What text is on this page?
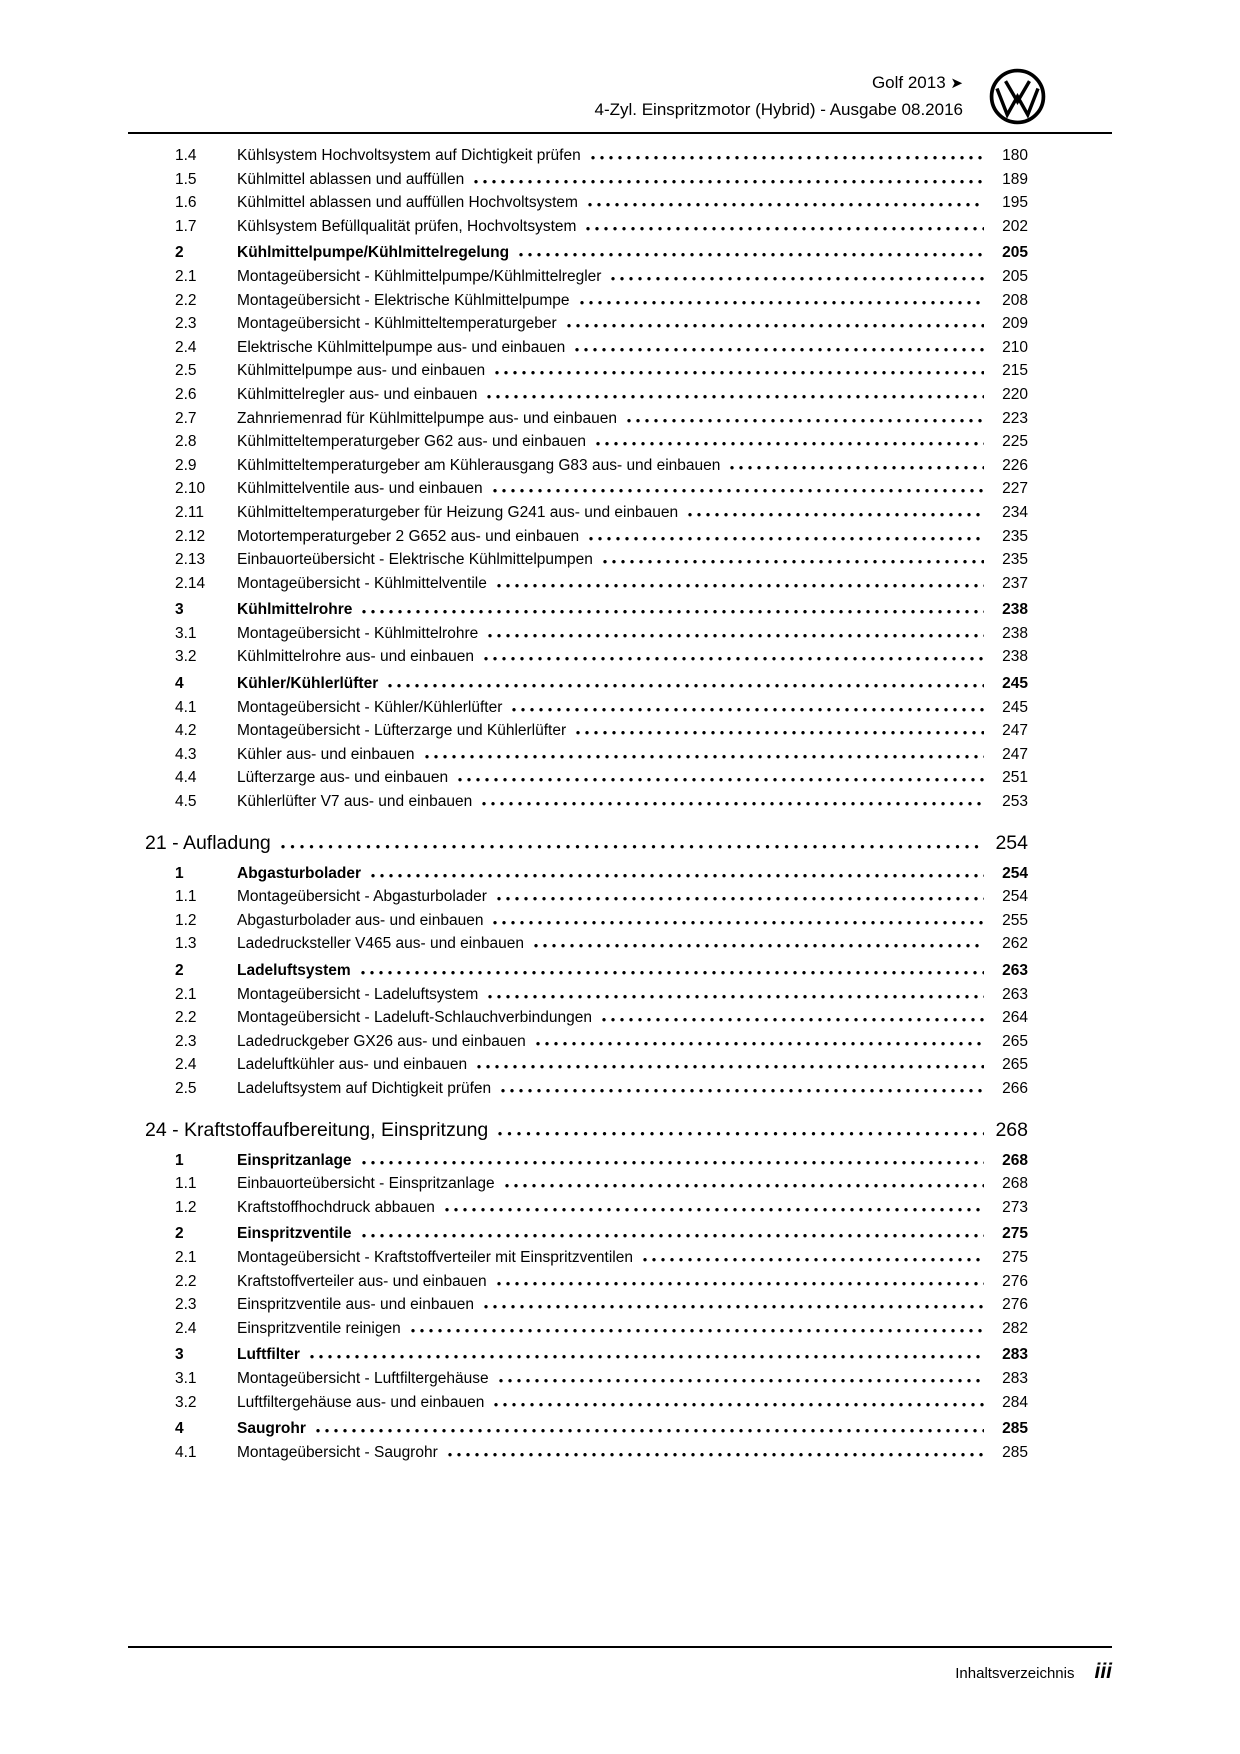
Golf 2013 ➤
4-Zyl. Einspritzmotor (Hybrid) - Ausgabe 08.2016
1.4	Kühlsystem Hochvoltsystem auf Dichtigkeit prüfen	180
1.5	Kühlmittel ablassen und auffüllen	189
1.6	Kühlmittel ablassen und auffüllen Hochvoltsystem	195
1.7	Kühlsystem Befüllqualität prüfen, Hochvoltsystem	202
2	Kühlmittelpumpe/Kühlmittelregelung	205
2.1	Montageübersicht - Kühlmittelpumpe/Kühlmittelregler	205
2.2	Montageübersicht - Elektrische Kühlmittelpumpe	208
2.3	Montageübersicht - Kühlmitteltemperaturgeber	209
2.4	Elektrische Kühlmittelpumpe aus- und einbauen	210
2.5	Kühlmittelpumpe aus- und einbauen	215
2.6	Kühlmittelregler aus- und einbauen	220
2.7	Zahnriemenrad für Kühlmittelpumpe aus- und einbauen	223
2.8	Kühlmitteltemperaturgeber G62 aus- und einbauen	225
2.9	Kühlmitteltemperaturgeber am Kühlerausgang G83 aus- und einbauen	226
2.10	Kühlmittelventile aus- und einbauen	227
2.11	Kühlmitteltemperaturgeber für Heizung G241 aus- und einbauen	234
2.12	Motortemperaturgeber 2 G652 aus- und einbauen	235
2.13	Einbauorteübersicht - Elektrische Kühlmittelpumpen	235
2.14	Montageübersicht - Kühlmittelventile	237
3	Kühlmittelrohre	238
3.1	Montageübersicht - Kühlmittelrohre	238
3.2	Kühlmittelrohre aus- und einbauen	238
4	Kühler/Kühlerlüfter	245
4.1	Montageübersicht - Kühler/Kühlerlüfter	245
4.2	Montageübersicht - Lüfterzarge und Kühlerlüfter	247
4.3	Kühler aus- und einbauen	247
4.4	Lüfterzarge aus- und einbauen	251
4.5	Kühlerlüfter V7 aus- und einbauen	253
21 - Aufladung	254
1	Abgasturbolader	254
1.1	Montageübersicht - Abgasturbolader	254
1.2	Abgasturbolader aus- und einbauen	255
1.3	Ladedrucksteller V465 aus- und einbauen	262
2	Ladeluftsystem	263
2.1	Montageübersicht - Ladeluftsystem	263
2.2	Montageübersicht - Ladeluft-Schlauchverbindungen	264
2.3	Ladedruckgeber GX26 aus- und einbauen	265
2.4	Ladeluftkühler aus- und einbauen	265
2.5	Ladeluftsystem auf Dichtigkeit prüfen	266
24 - Kraftstoffaufbereitung, Einspritzung	268
1	Einspritzanlage	268
1.1	Einbauorteübersicht - Einspritzanlage	268
1.2	Kraftstoffhochdruck abbauen	273
2	Einspritzventile	275
2.1	Montageübersicht - Kraftstoffverteiler mit Einspritzventilen	275
2.2	Kraftstoffverteiler aus- und einbauen	276
2.3	Einspritzventile aus- und einbauen	276
2.4	Einspritzventile reinigen	282
3	Luftfilter	283
3.1	Montageübersicht - Luftfiltergehäuse	283
3.2	Luftfiltergehäuse aus- und einbauen	284
4	Saugrohr	285
4.1	Montageübersicht - Saugrohr	285
Inhaltsverzeichnis iii
